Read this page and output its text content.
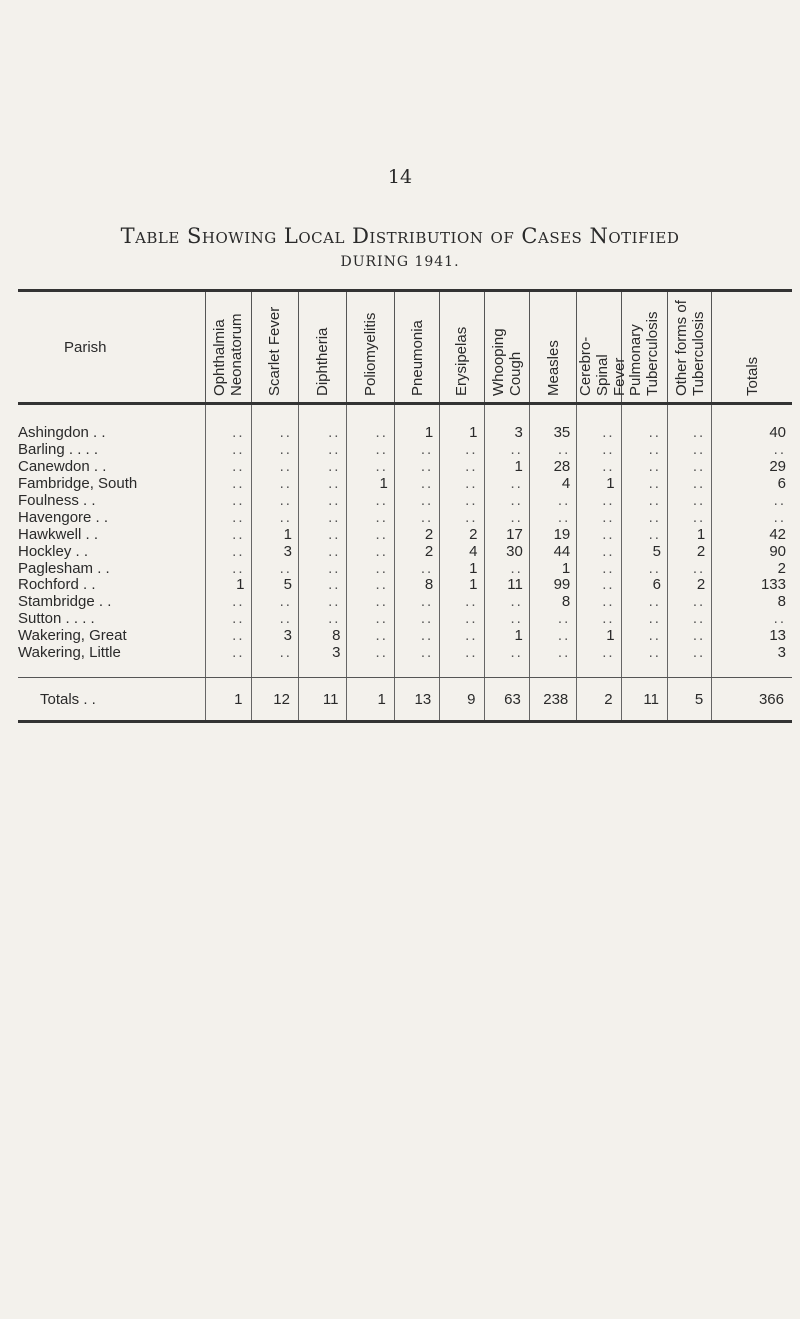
14
Table Showing Local Distribution of Cases Notified
DURING 1941.
Parish	Ophthalmia
Neonatorum	Scarlet Fever	Diphtheria	Poliomyelitis	Pneumonia	Erysipelas	Whooping
Cough	Measles	Cerebro-Spinal
Fever	Pulmonary
Tuberculosis	Other forms of
Tuberculosis	Totals

Ashingdon . .	..	..	..	..	1	1	3	35	..	..	..	40
Barling . . . .	..	..	..	..	..	..	..	..	..	..	..	..
Canewdon . .	..	..	..	..	..	..	1	28	..	..	..	29
Fambridge, South	..	..	..	1	..	..	..	4	1	..	..	6
Foulness . .	..	..	..	..	..	..	..	..	..	..	..	..
Havengore . .	..	..	..	..	..	..	..	..	..	..	..	..
Hawkwell . .	..	1	..	..	2	2	17	19	..	..	1	42
Hockley . .	..	3	..	..	2	4	30	44	..	5	2	90
Paglesham . .	..	..	..	..	..	1	..	1	..	..	..	2
Rochford . .	1	5	..	..	8	1	11	99	..	6	2	133
Stambridge . .	..	..	..	..	..	..	..	8	..	..	..	8
Sutton . . . .	..	..	..	..	..	..	..	..	..	..	..	..
Wakering, Great	..	3	8	..	..	..	1	..	1	..	..	13
Wakering, Little	..	..	3	..	..	..	..	..	..	..	..	3
Totals . .	1	12	11	1	13	9	63	238	2	11	5	366
